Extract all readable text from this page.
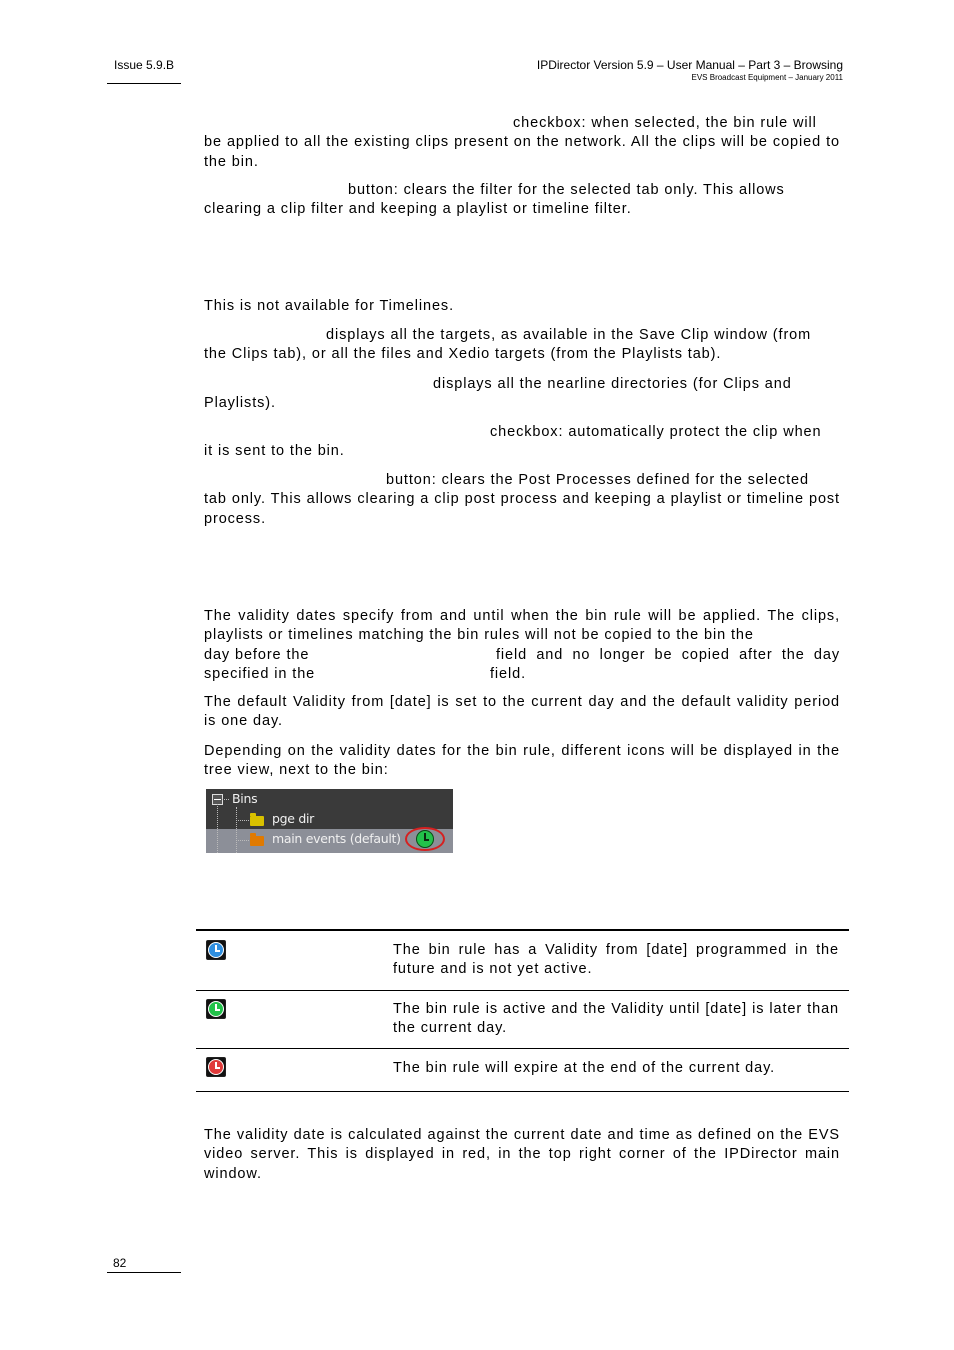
Issue 5.9.B	IPDirector Version 5.9 – User Manual – Part 3 – Browsing
EVS Broadcast Equipment – January 2011
checkbox: when selected, the bin rule will
be applied to all the existing clips present on the network. All the clips will be copied to the bin.
button: clears the filter for the selected tab only. This allows
clearing a clip filter and keeping a playlist or timeline filter.
This is not available for Timelines.
displays all the targets, as available in the Save Clip window (from
the Clips tab), or all the files and Xedio targets (from the Playlists tab).
displays all the nearline directories (for Clips and
Playlists).
checkbox: automatically protect the clip when
it is sent to the bin.
button: clears the Post Processes defined for the selected
tab only. This allows clearing a clip post process and keeping a playlist or timeline post process.
The validity dates specify from and until when the bin rule will be applied. The clips, playlists or timelines matching the bin rules will not be copied to the bin the
day before the	field and no longer be copied after the day
specified in the	field.
The default Validity from [date] is set to the current day and the default validity period is one day.
Depending on the validity dates for the bin rule, different icons will be displayed in the tree view, next to the bin:
Bins
pge dir
main events (default)
The bin rule has a Validity from [date] programmed in the future and is not yet active.
The bin rule is active and the Validity until [date] is later than the current day.
The bin rule will expire at the end of the current day.
The validity date is calculated against the current date and time as defined on the EVS video server. This is displayed in red, in the top right corner of the IPDirector main window.
82
